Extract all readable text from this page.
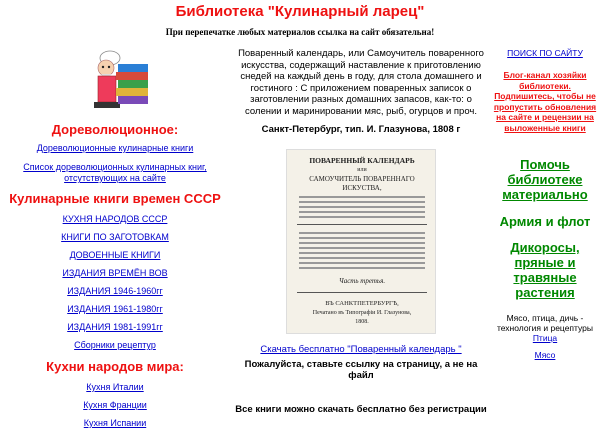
Библиотека "Кулинарный ларец"
При перепечатке любых материалов ссылка на сайт обязательна!
Дореволюционное:
Дореволюционные кулинарные книги
Список дореволюционных кулинарных книг, отсутствующих на сайте
Кулинарные книги времен СССР
КУХНЯ НАРОДОВ СССР
КНИГИ ПО ЗАГОТОВКАМ
ДОВОЕННЫЕ КНИГИ
ИЗДАНИЯ ВРЕМЁН ВОВ
ИЗДАНИЯ 1946-1960гг
ИЗДАНИЯ 1961-1980гг
ИЗДАНИЯ 1981-1991гг
Сборники рецептур
Кухни народов мира:
Кухня Италии
Кухня Франции
Кухня Испании
Поваренный календарь, или Самоучитель поваренного искусства, содержащий наставление к приготовлению снедей на каждый день в году, для стола домашнего и гостиного : С приложением поваренных записок о заготовлении разных домашних запасов, как-то: о солении и маринировании мяс, рыб, огурцов и проч.
Санкт-Петербург, тип. И. Глазунова, 1808 г
ПОВАРЕННЫЙ КАЛЕНДАРЬ
или
САМОУЧИТЕЛЬ ПОВАРЕННАГО
ИСКУСТВА,
Часть третья.
ВЪ САНКТПЕТЕРБУРГѢ,
Печатано въ Типографiи И. Глазунова,
1808.
Скачать бесплатно "Поваренный календарь "
Пожалуйста, ставьте ссылку на страницу, а не на файл
Все книги можно скачать бесплатно без регистрации
ПОИСК ПО САЙТУ
Блог-канал хозяйки библиотеки. Подпишитесь, чтобы не пропустить обновления на сайте и рецензии на выложенные книги
Помочь библиотеке материально
Армия и флот
Дикоросы, пряные и травяные растения
Мясо, птица, дичь - технология и рецептуры
Птица
Мясо
